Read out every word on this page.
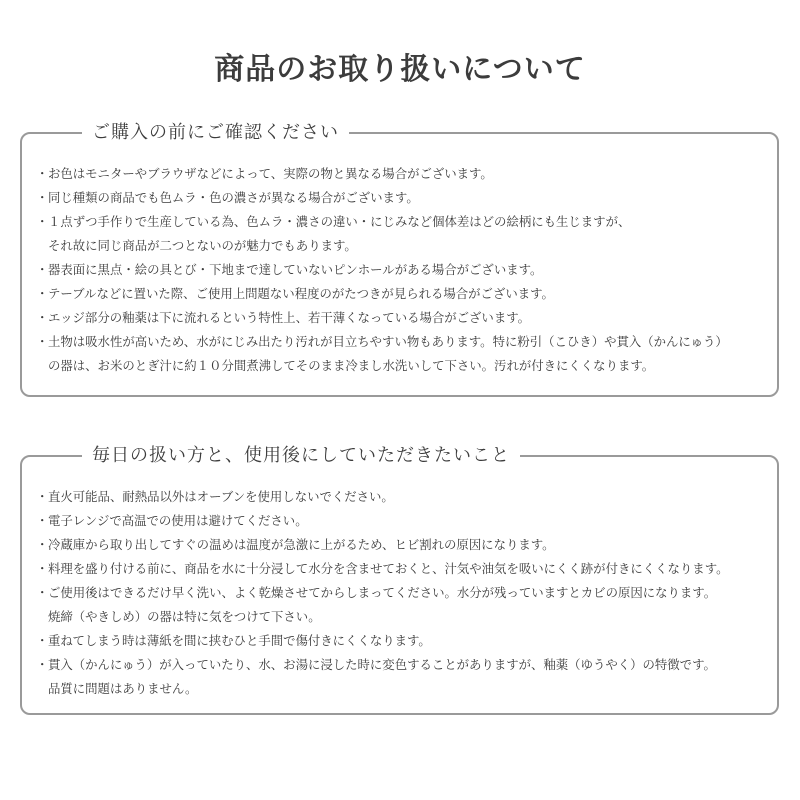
商品のお取り扱いについて
ご購入の前にご確認ください
・ お色はモニターやブラウザなどによって、実際の物と異なる場合がございます。
・ 同じ種類の商品でも色ムラ・色の濃さが異なる場合がございます。
・ １点ずつ手作りで生産している為、色ムラ・濃さの違い・にじみなど個体差はどの絵柄にも生じますが、
それ故に同じ商品が二つとないのが魅力でもあります。
・ 器表面に黒点・絵の具とび・下地まで達していないピンホールがある場合がございます。
・ テーブルなどに置いた際、ご使用上問題ない程度のがたつきが見られる場合がございます。
・ エッジ部分の釉薬は下に流れるという特性上、若干薄くなっている場合がございます。
・ 土物は吸水性が高いため、水がにじみ出たり汚れが目立ちやすい物もあります。特に粉引（こひき）や貫入（かんにゅう）
の器は、お米のとぎ汁に約１０分間煮沸してそのまま冷まし水洗いして下さい。汚れが付きにくくなります。
毎日の扱い方と、使用後にしていただきたいこと
・ 直火可能品、耐熱品以外はオーブンを使用しないでください。
・ 電子レンジで高温での使用は避けてください。
・ 冷蔵庫から取り出してすぐの温めは温度が急激に上がるため、ヒビ割れの原因になります。
・ 料理を盛り付ける前に、商品を水に十分浸して水分を含ませておくと、汁気や油気を吸いにくく跡が付きにくくなります。
・ ご使用後はできるだけ早く洗い、よく乾燥させてからしまってください。水分が残っていますとカビの原因になります。
焼締（やきしめ）の器は特に気をつけて下さい。
・ 重ねてしまう時は薄紙を間に挟むひと手間で傷付きにくくなります。
・ 貫入（かんにゅう）が入っていたり、水、お湯に浸した時に変色することがありますが、釉薬（ゆうやく）の特徴です。
品質に問題はありません。
